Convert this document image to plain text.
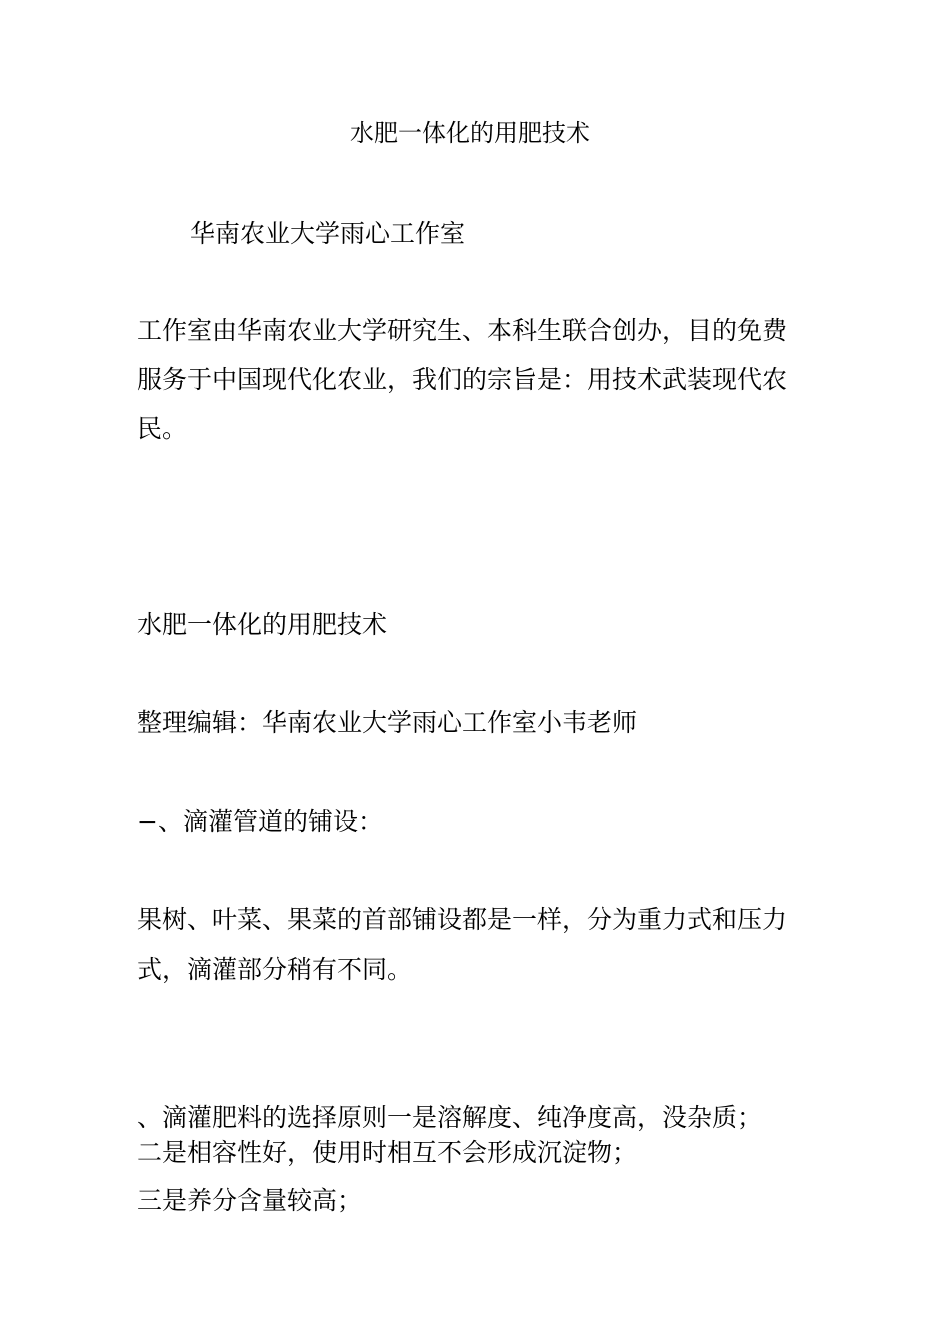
水肥一体化的用肥技术
华南农业大学雨心工作室
工作室由华南农业大学研究生、本科生联合创办，目的免费
服务于中国现代化农业，我们的宗旨是：用技术武装现代农
民。
水肥一体化的用肥技术
整理编辑：华南农业大学雨心工作室小韦老师
−、滴灌管道的铺设：
果树、叶菜、果菜的首部铺设都是一样，分为重力式和压力
式，滴灌部分稍有不同。
、滴灌肥料的选择原则一是溶解度、纯净度高，没杂质；
二是相容性好，使用时相互不会形成沉淀物；
三是养分含量较高；
